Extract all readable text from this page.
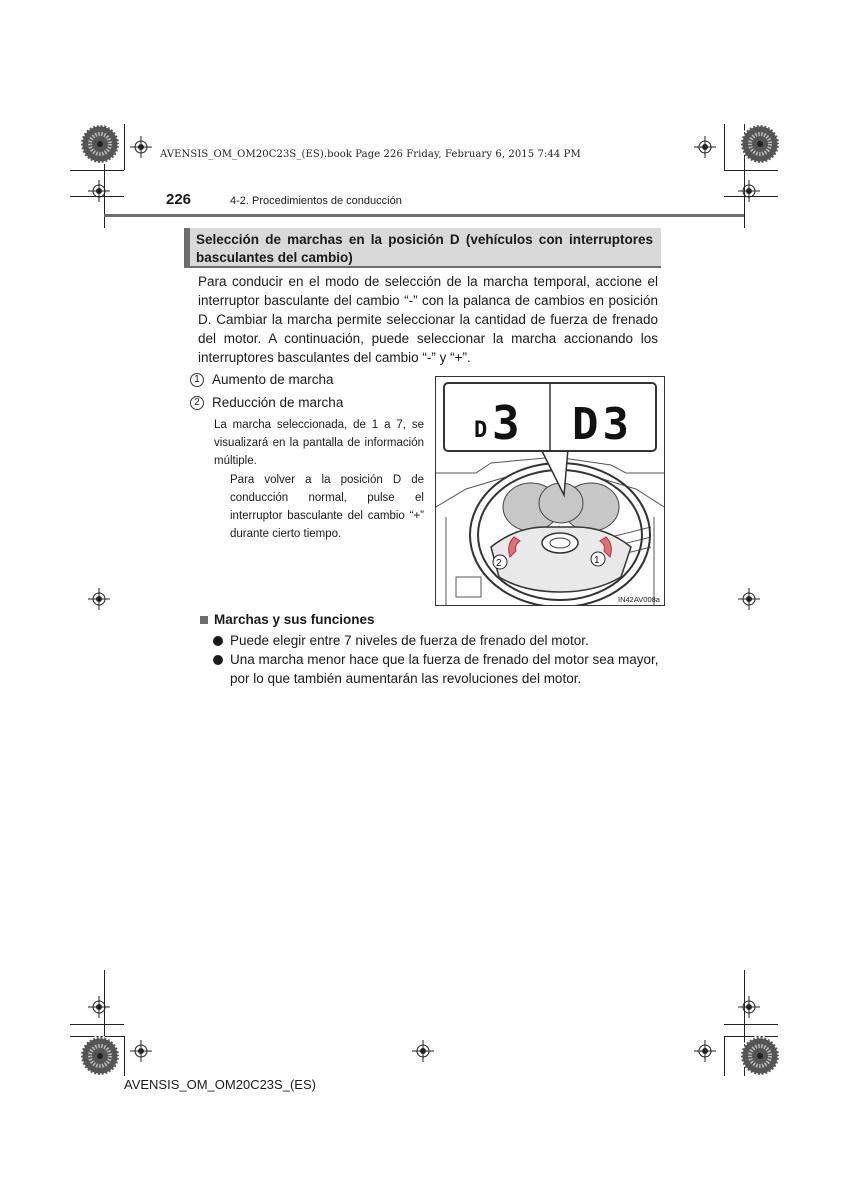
AVENSIS_OM_OM20C23S_(ES).book Page 226 Friday, February 6, 2015 7:44 PM
226	4-2. Procedimientos de conducción
Selección de marchas en la posición D (vehículos con interruptores basculantes del cambio)
Para conducir en el modo de selección de la marcha temporal, accione el interruptor basculante del cambio “-” con la palanca de cambios en posición D. Cambiar la marcha permite seleccionar la cantidad de fuerza de frenado del motor. A continuación, puede seleccionar la marcha accionando los interruptores basculantes del cambio “-” y “+”.
1 Aumento de marcha
2 Reducción de marcha
La marcha seleccionada, de 1 a 7, se visualizará en la pantalla de información múltiple.
Para volver a la posición D de conducción normal, pulse el interruptor basculante del cambio “+” durante cierto tiempo.
D 3 D3
2	1
IN42AV008a
Marchas y sus funciones
Puede elegir entre 7 niveles de fuerza de frenado del motor.
Una marcha menor hace que la fuerza de frenado del motor sea mayor, por lo que también aumentarán las revoluciones del motor.
AVENSIS_OM_OM20C23S_(ES)
